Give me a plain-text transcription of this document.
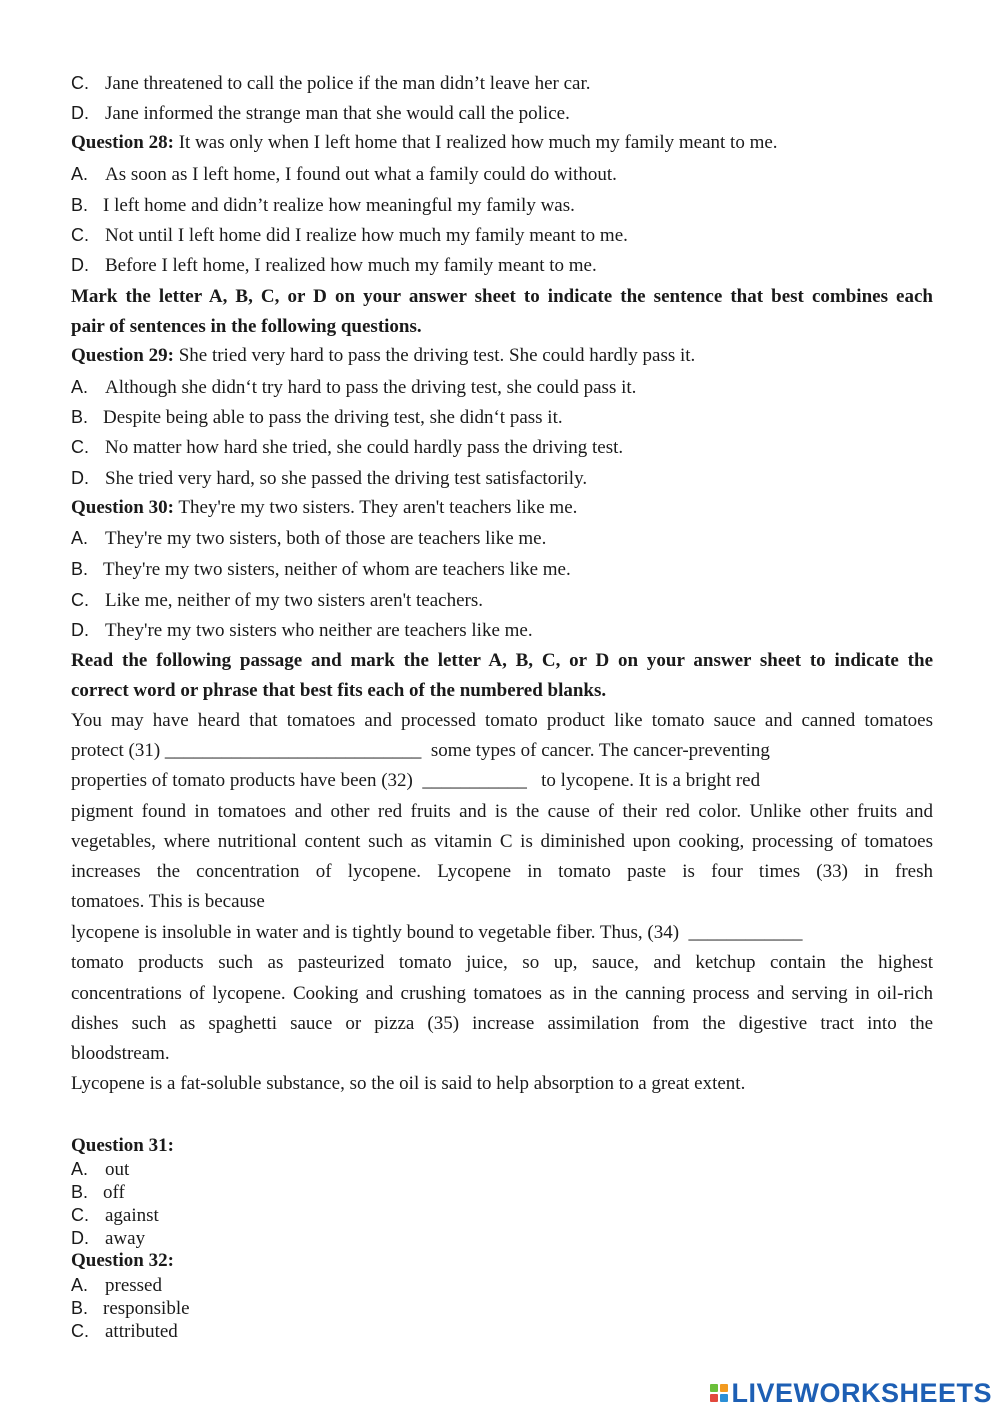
C. Jane threatened to call the police if the man didn’t leave her car.
D. Jane informed the strange man that she would call the police.
Question 28: It was only when I left home that I realized how much my family meant to me.
A. As soon as I left home, I found out what a family could do without.
B. I left home and didn’t realize how meaningful my family was.
C. Not until I left home did I realize how much my family meant to me.
D. Before I left home, I realized how much my family meant to me.
Mark the letter A, B, C, or D on your answer sheet to indicate the sentence that best combines each
pair of sentences in the following questions.
Question 29: She tried very hard to pass the driving test. She could hardly pass it.
A. Although she didn‘t try hard to pass the driving test, she could pass it.
B. Despite being able to pass the driving test, she didn‘t pass it.
C. No matter how hard she tried, she could hardly pass the driving test.
D. She tried very hard, so she passed the driving test satisfactorily.
Question 30: They're my two sisters. They aren't teachers like me.
A. They're my two sisters, both of those are teachers like me.
B. They're my two sisters, neither of whom are teachers like me.
C. Like me, neither of my two sisters aren't teachers.
D. They're my two sisters who neither are teachers like me.
Read the following passage and mark the letter A, B, C, or D on your answer sheet to indicate the
correct word or phrase that best fits each of the numbered blanks.
You may have heard that tomatoes and processed tomato product like tomato sauce and canned tomatoes
protect (31) ___________________________  some types of cancer. The cancer-preventing
properties of tomato products have been (32)  ___________   to lycopene. It is a bright red
pigment found in tomatoes and other red fruits and is the cause of their red color. Unlike other fruits and
vegetables, where nutritional content such as vitamin C is diminished upon cooking, processing of tomatoes
increases the concentration of lycopene. Lycopene in tomato paste is four times (33) in fresh
tomatoes. This is because
lycopene is insoluble in water and is tightly bound to vegetable fiber. Thus, (34)  ____________
tomato products such as pasteurized tomato juice, so up, sauce, and ketchup contain the highest
concentrations of lycopene. Cooking and crushing tomatoes as in the canning process and serving in oil-rich
dishes such as spaghetti sauce or pizza (35) increase assimilation from the digestive tract into the
bloodstream.
Lycopene is a fat-soluble substance, so the oil is said to help absorption to a great extent.
Question 31:
A. out
B. off
C. against
D. away
Question 32:
A. pressed
B. responsible
C. attributed
LIVEWORKSHEETS
